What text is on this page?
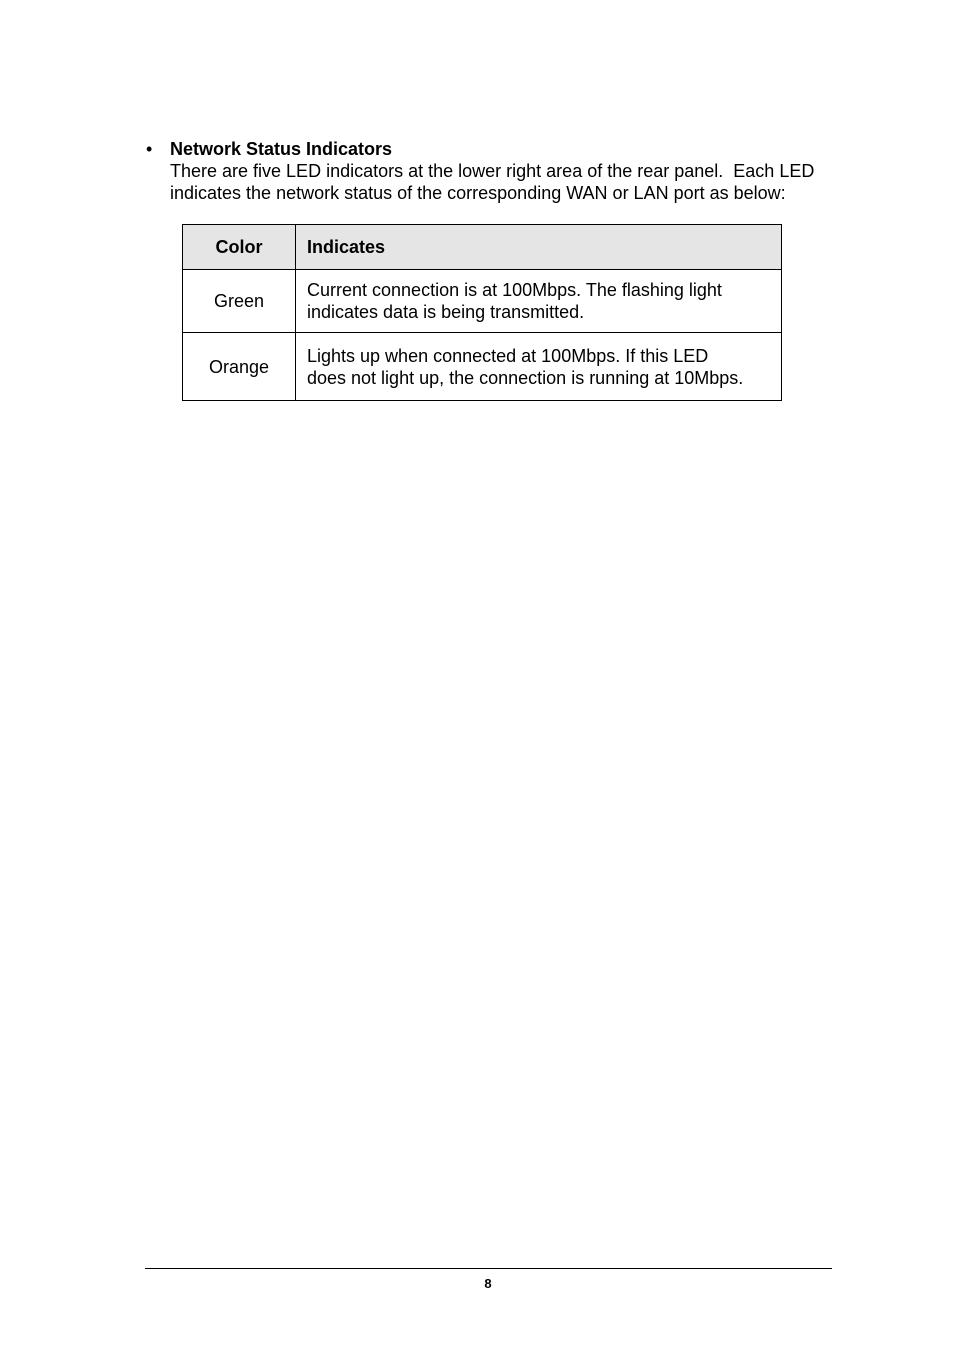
• Network Status Indicators
There are five LED indicators at the lower right area of the rear panel.  Each LED
indicates the network status of the corresponding WAN or LAN port as below:
Color	Indicates
Green	Current connection is at 100Mbps. The flashing light
indicates data is being transmitted.

Orange	Lights up when connected at 100Mbps. If this LED
does not light up, the connection is running at 10Mbps.
8
